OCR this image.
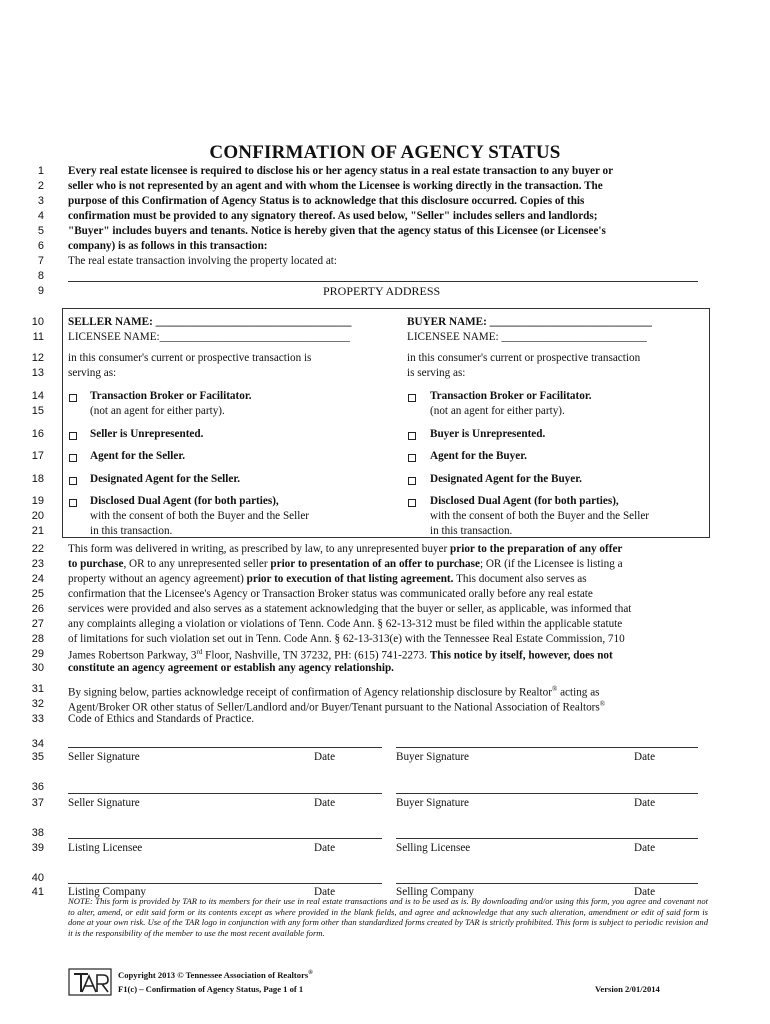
CONFIRMATION OF AGENCY STATUS
1
2
3
4
5
6
7
8
9
10
11
12
13
14
15
16
17
18
19
20
21
22
23
24
25
26
27
28
29
30
31
32
33
34
35
36
37
38
39
40
41
Every real estate licensee is required to disclose his or her agency status in a real estate transaction to any buyer or
seller who is not represented by an agent and with whom the Licensee is working directly in the transaction. The
purpose of this Confirmation of Agency Status is to acknowledge that this disclosure occurred. Copies of this
confirmation must be provided to any signatory thereof. As used below, "Seller" includes sellers and landlords;
"Buyer" includes buyers and tenants. Notice is hereby given that the agency status of this Licensee (or Licensee's
company) is as follows in this transaction:
The real estate transaction involving the property located at:
PROPERTY ADDRESS
SELLER NAME: ___________________________________
LICENSEE NAME:__________________________________
in this consumer's current or prospective transaction is
serving as:
Transaction Broker or Facilitator.
(not an agent for either party).
Seller is Unrepresented.
Agent for the Seller.
Designated Agent for the Seller.
Disclosed Dual Agent (for both parties),
with the consent of both the Buyer and the Seller
in this transaction.
BUYER NAME: _____________________________
LICENSEE NAME: __________________________
in this consumer's current or prospective transaction
is serving as:
Transaction Broker or Facilitator.
(not an agent for either party).
Buyer is Unrepresented.
Agent for the Buyer.
Designated Agent for the Buyer.
Disclosed Dual Agent (for both parties),
with the consent of both the Buyer and the Seller
in this transaction.
This form was delivered in writing, as prescribed by law, to any unrepresented buyer prior to the preparation of any offer
to purchase, OR to any unrepresented seller prior to presentation of an offer to purchase; OR (if the Licensee is listing a
property without an agency agreement) prior to execution of that listing agreement. This document also serves as
confirmation that the Licensee's Agency or Transaction Broker status was communicated orally before any real estate
services were provided and also serves as a statement acknowledging that the buyer or seller, as applicable, was informed that
any complaints alleging a violation or violations of Tenn. Code Ann. § 62-13-312 must be filed within the applicable statute
of limitations for such violation set out in Tenn. Code Ann. § 62-13-313(e) with the Tennessee Real Estate Commission, 710
James Robertson Parkway, 3rd Floor, Nashville, TN 37232, PH: (615) 741-2273. This notice by itself, however, does not
constitute an agency agreement or establish any agency relationship.
By signing below, parties acknowledge receipt of confirmation of Agency relationship disclosure by Realtor® acting as
Agent/Broker OR other status of Seller/Landlord and/or Buyer/Tenant pursuant to the National Association of Realtors®
Code of Ethics and Standards of Practice.
Seller Signature	Date	Buyer Signature	Date
Seller Signature	Date	Buyer Signature	Date
Listing Licensee	Date	Selling Licensee	Date
Listing Company	Date	Selling Company	Date
NOTE: This form is provided by TAR to its members for their use in real estate transactions and is to be used as is. By downloading and/or using this form, you agree and covenant not to alter, amend, or edit said form or its contents except as where provided in the blank fields, and agree and acknowledge that any such alteration, amendment or edit of said form is done at your own risk. Use of the TAR logo in conjunction with any form other than standardized forms created by TAR is strictly prohibited. This form is subject to periodic revision and it is the responsibility of the member to use the most recent available form.
Copyright 2013 © Tennessee Association of Realtors®
F1(c) – Confirmation of Agency Status, Page 1 of 1	Version 2/01/2014
